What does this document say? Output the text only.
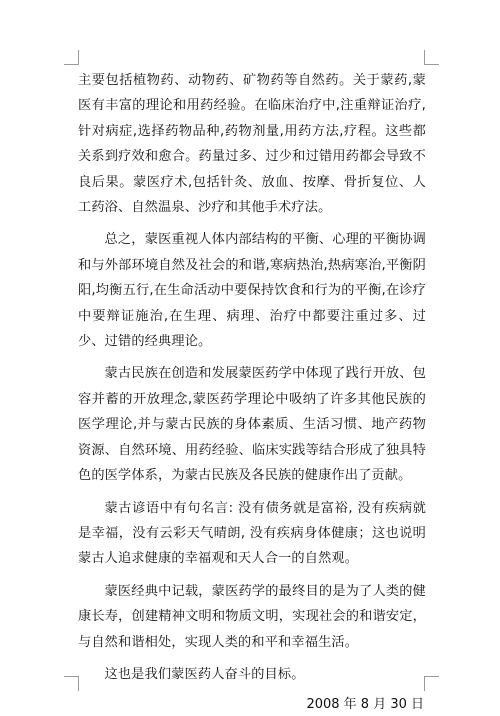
主要包括植物药、动物药、矿物药等自然药。关于蒙药,蒙医有丰富的理论和用药经验。在临床治疗中,注重辩证治疗,针对病症,选择药物品种,药物剂量,用药方法,疗程。这些都关系到疗效和愈合。药量过多、过少和过错用药都会导致不良后果。蒙医疗术,包括针灸、放血、按摩、骨折复位、人工药浴、自然温泉、沙疗和其他手术疗法。

总之，蒙医重视人体内部结构的平衡、心理的平衡协调和与外部环境自然及社会的和谐,寒病热治,热病寒治,平衡阴阳,均衡五行,在生命活动中要保持饮食和行为的平衡,在诊疗中要辩证施治,在生理、病理、治疗中都要注重过多、过少、过错的经典理论。

蒙古民族在创造和发展蒙医药学中体现了践行开放、包容并蓄的开放理念,蒙医药学理论中吸纳了许多其他民族的医学理论,并与蒙古民族的身体素质、生活习惯、地产药物资源、自然环境、用药经验、临床实践等结合形成了独具特色的医学体系，为蒙古民族及各民族的健康作出了贡献。

蒙古谚语中有句名言: 没有债务就是富裕, 没有疾病就是幸福，没有云彩天气晴朗, 没有疾病身体健康；这也说明蒙古人追求健康的幸福观和天人合一的自然观。

蒙医经典中记载，蒙医药学的最终目的是为了人类的健康长寿，创建精神文明和物质文明，实现社会的和谐安定，与自然和谐相处，实现人类的和平和幸福生活。

这也是我们蒙医药人奋斗的目标。

2008 年 8 月 30 日
